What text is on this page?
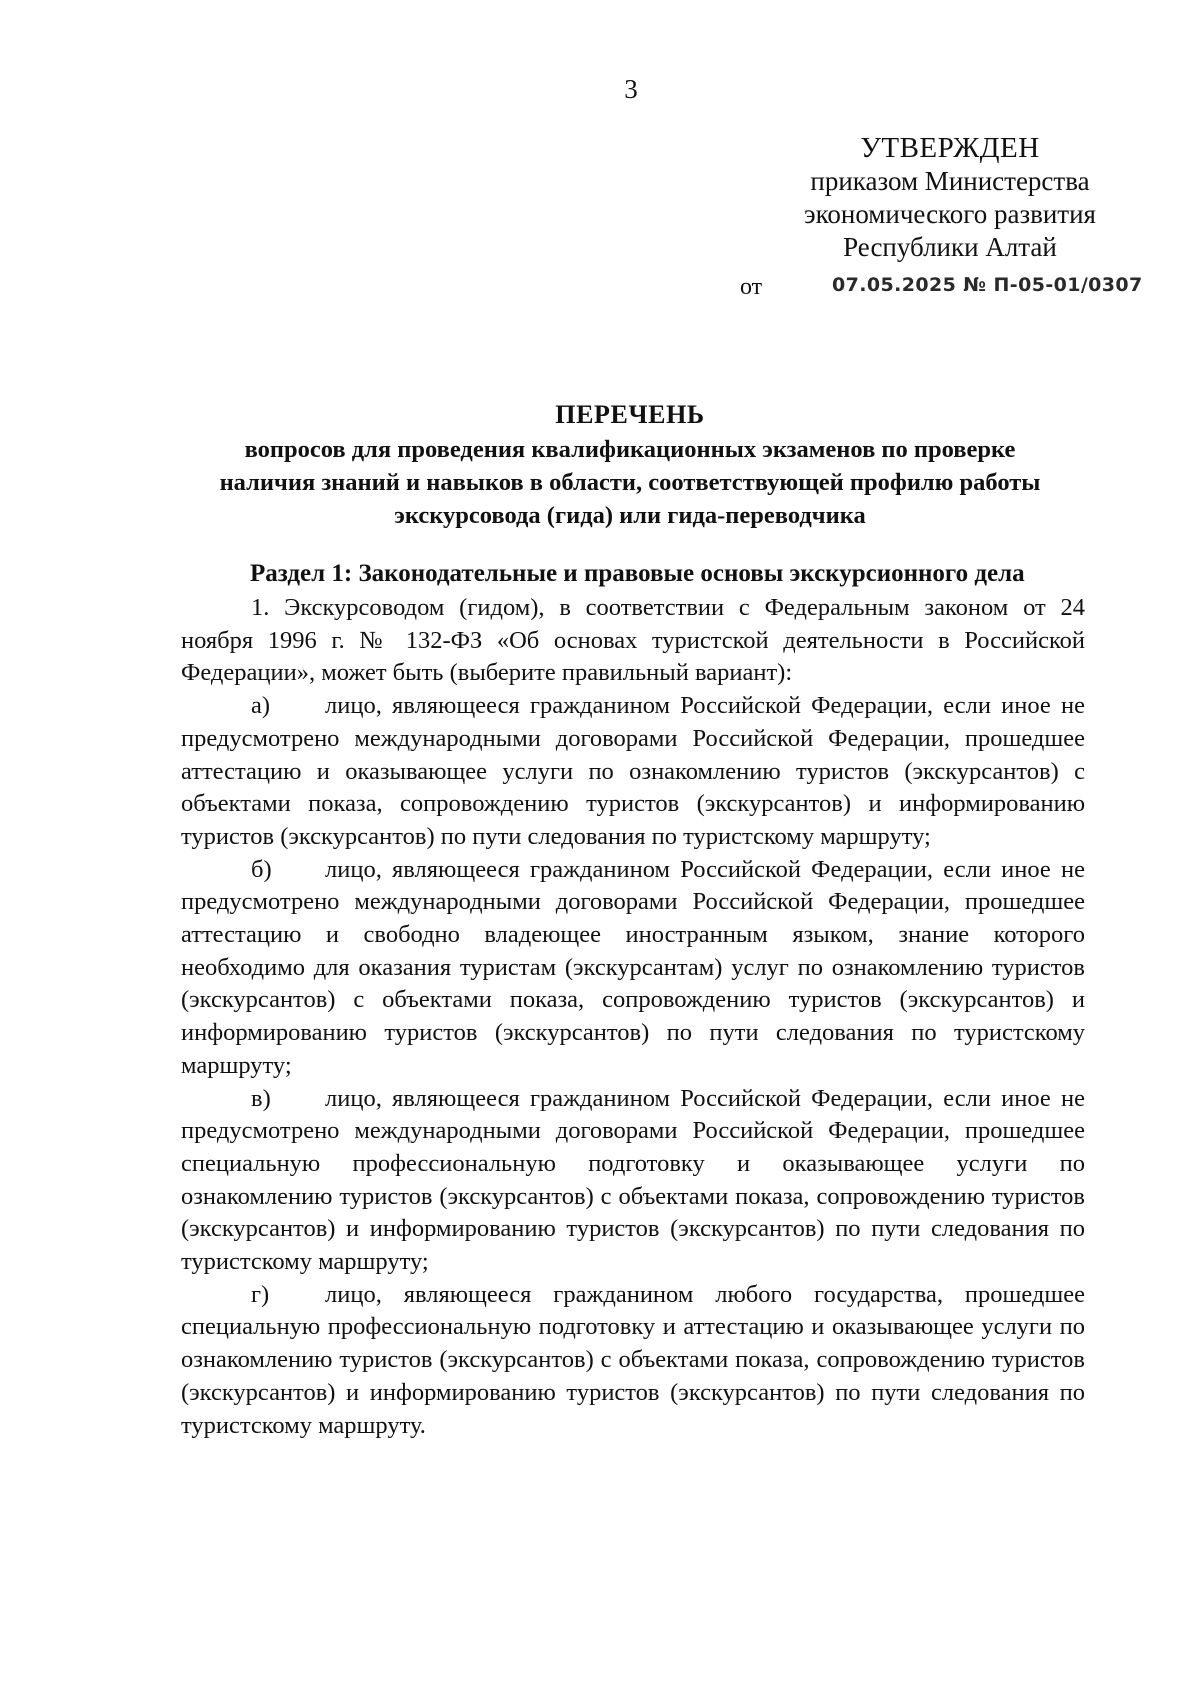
3
УТВЕРЖДЕН
приказом Министерства
экономического развития
Республики Алтай
от	07.05.2025 № П-05-01/0307
ПЕРЕЧЕНЬ
вопросов для проведения квалификационных экзаменов по проверке
наличия знаний и навыков в области, соответствующей профилю работы
экскурсовода (гида) или гида-переводчика
Раздел 1: Законодательные и правовые основы экскурсионного дела

1. Экскурсоводом (гидом), в соответствии с Федеральным законом от 24 ноября 1996 г. № 132-ФЗ «Об основах туристской деятельности в Российской Федерации», может быть (выберите правильный вариант):

а) лицо, являющееся гражданином Российской Федерации, если иное не предусмотрено международными договорами Российской Федерации, прошедшее аттестацию и оказывающее услуги по ознакомлению туристов (экскурсантов) с объектами показа, сопровождению туристов (экскурсантов) и информированию туристов (экскурсантов) по пути следования по туристскому маршруту;

б) лицо, являющееся гражданином Российской Федерации, если иное не предусмотрено международными договорами Российской Федерации, прошедшее аттестацию и свободно владеющее иностранным языком, знание которого необходимо для оказания туристам (экскурсантам) услуг по ознакомлению туристов (экскурсантов) с объектами показа, сопровождению туристов (экскурсантов) и информированию туристов (экскурсантов) по пути следования по туристскому маршруту;

в) лицо, являющееся гражданином Российской Федерации, если иное не предусмотрено международными договорами Российской Федерации, прошедшее специальную профессиональную подготовку и оказывающее услуги по ознакомлению туристов (экскурсантов) с объектами показа, сопровождению туристов (экскурсантов) и информированию туристов (экскурсантов) по пути следования по туристскому маршруту;

г) лицо, являющееся гражданином любого государства, прошедшее специальную профессиональную подготовку и аттестацию и оказывающее услуги по ознакомлению туристов (экскурсантов) с объектами показа, сопровождению туристов (экскурсантов) и информированию туристов (экскурсантов) по пути следования по туристскому маршруту.
